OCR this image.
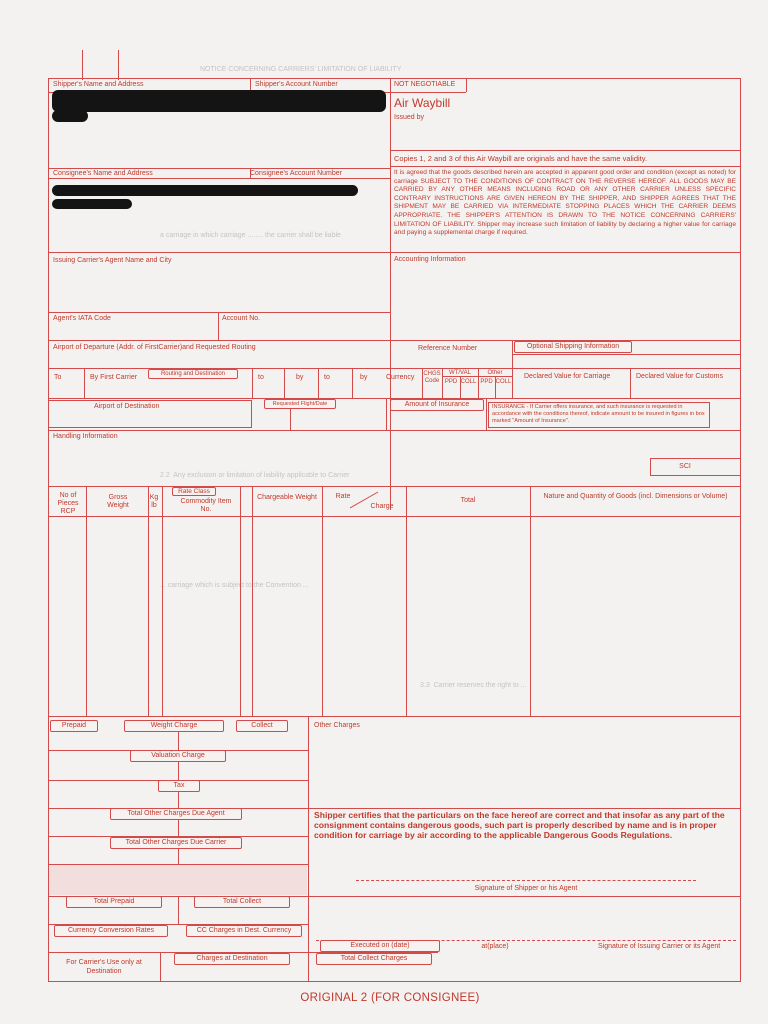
NOTICE CONCERNING CARRIERS' LIMITATION OF LIABILITY
a carriage in which carriage ........ the carrier shall be liable
2.2  Any exclusion or limitation of liability applicable to Carrier
... carriage which is subject to the Convention ...
3.3  Carrier reserves the right to ...
Shipper's Name and Address	Shipper's Account Number	NOT NEGOTIABLE
Air Waybill
Issued by
Copies 1, 2 and 3 of this Air Waybill are originals and have the same validity.
Consignee's Name and Address	Consignee's Account Number	It is agreed that the goods described herein are accepted in apparent good order and condition (except as noted) for carriage SUBJECT TO THE CONDITIONS OF CONTRACT ON THE REVERSE HEREOF. ALL GOODS MAY BE CARRIED BY ANY OTHER MEANS INCLUDING ROAD OR ANY OTHER CARRIER UNLESS SPECIFIC CONTRARY INSTRUCTIONS ARE GIVEN HEREON BY THE SHIPPER, AND SHIPPER AGREES THAT THE SHIPMENT MAY BE CARRIED VIA INTERMEDIATE STOPPING PLACES WHICH THE CARRIER DEEMS APPROPRIATE. THE SHIPPER'S ATTENTION IS DRAWN TO THE NOTICE CONCERNING CARRIERS' LIMITATION OF LIABILITY. Shipper may increase such limitation of liability by declaring a higher value for carriage and paying a supplemental charge if required.
Issuing Carrier's Agent Name and City	Accounting Information
Agent's IATA Code	Account No.
Airport of Departure (Addr. of FirstCarrier)and Requested Routing	Reference Number	Optional Shipping Information
To	By First Carrier	Routing and Destination	to	by	to	by	Currency CHGS Code
WT/VAL	Other
PPD COLL PPD COLL
Declared Value for Carriage	Declared Value for Customs
Airport of Destination	Requested Flight/Date	Amount of Insurance	INSURANCE - If Carrier offers insurance, and such insurance is requested in accordance with the conditions thereof, indicate amount to be insured in figures in box marked "Amount of Insurance".
Handling Information
SCI
No of Pieces RCP
Gross Weight
Kg lb
Rate Class
Commodity Item No.
Chargeable Weight	Rate
Charge
Total
Nature and Quantity of Goods (incl. Dimensions or Volume)
Prepaid	Weight Charge	Collect	Other Charges
Valuation Charge
Tax
Total Other Charges Due Agent	Shipper certifies that the particulars on the face hereof are correct and that insofar as any part of the consignment contains dangerous goods, such part is properly described by name and is in proper condition for carriage by air according to the applicable Dangerous Goods Regulations.
Total Other Charges Due Carrier
Signature of Shipper or his Agent
Total Prepaid	Total Collect
Currency Conversion Rates	CC Charges in Dest. Currency
Executed on (date)	at(place)	Signature of Issuing Carrier or its Agent
For Carrier's Use only at Destination
Charges at Destination	Total Collect Charges
ORIGINAL 2 (FOR CONSIGNEE)
